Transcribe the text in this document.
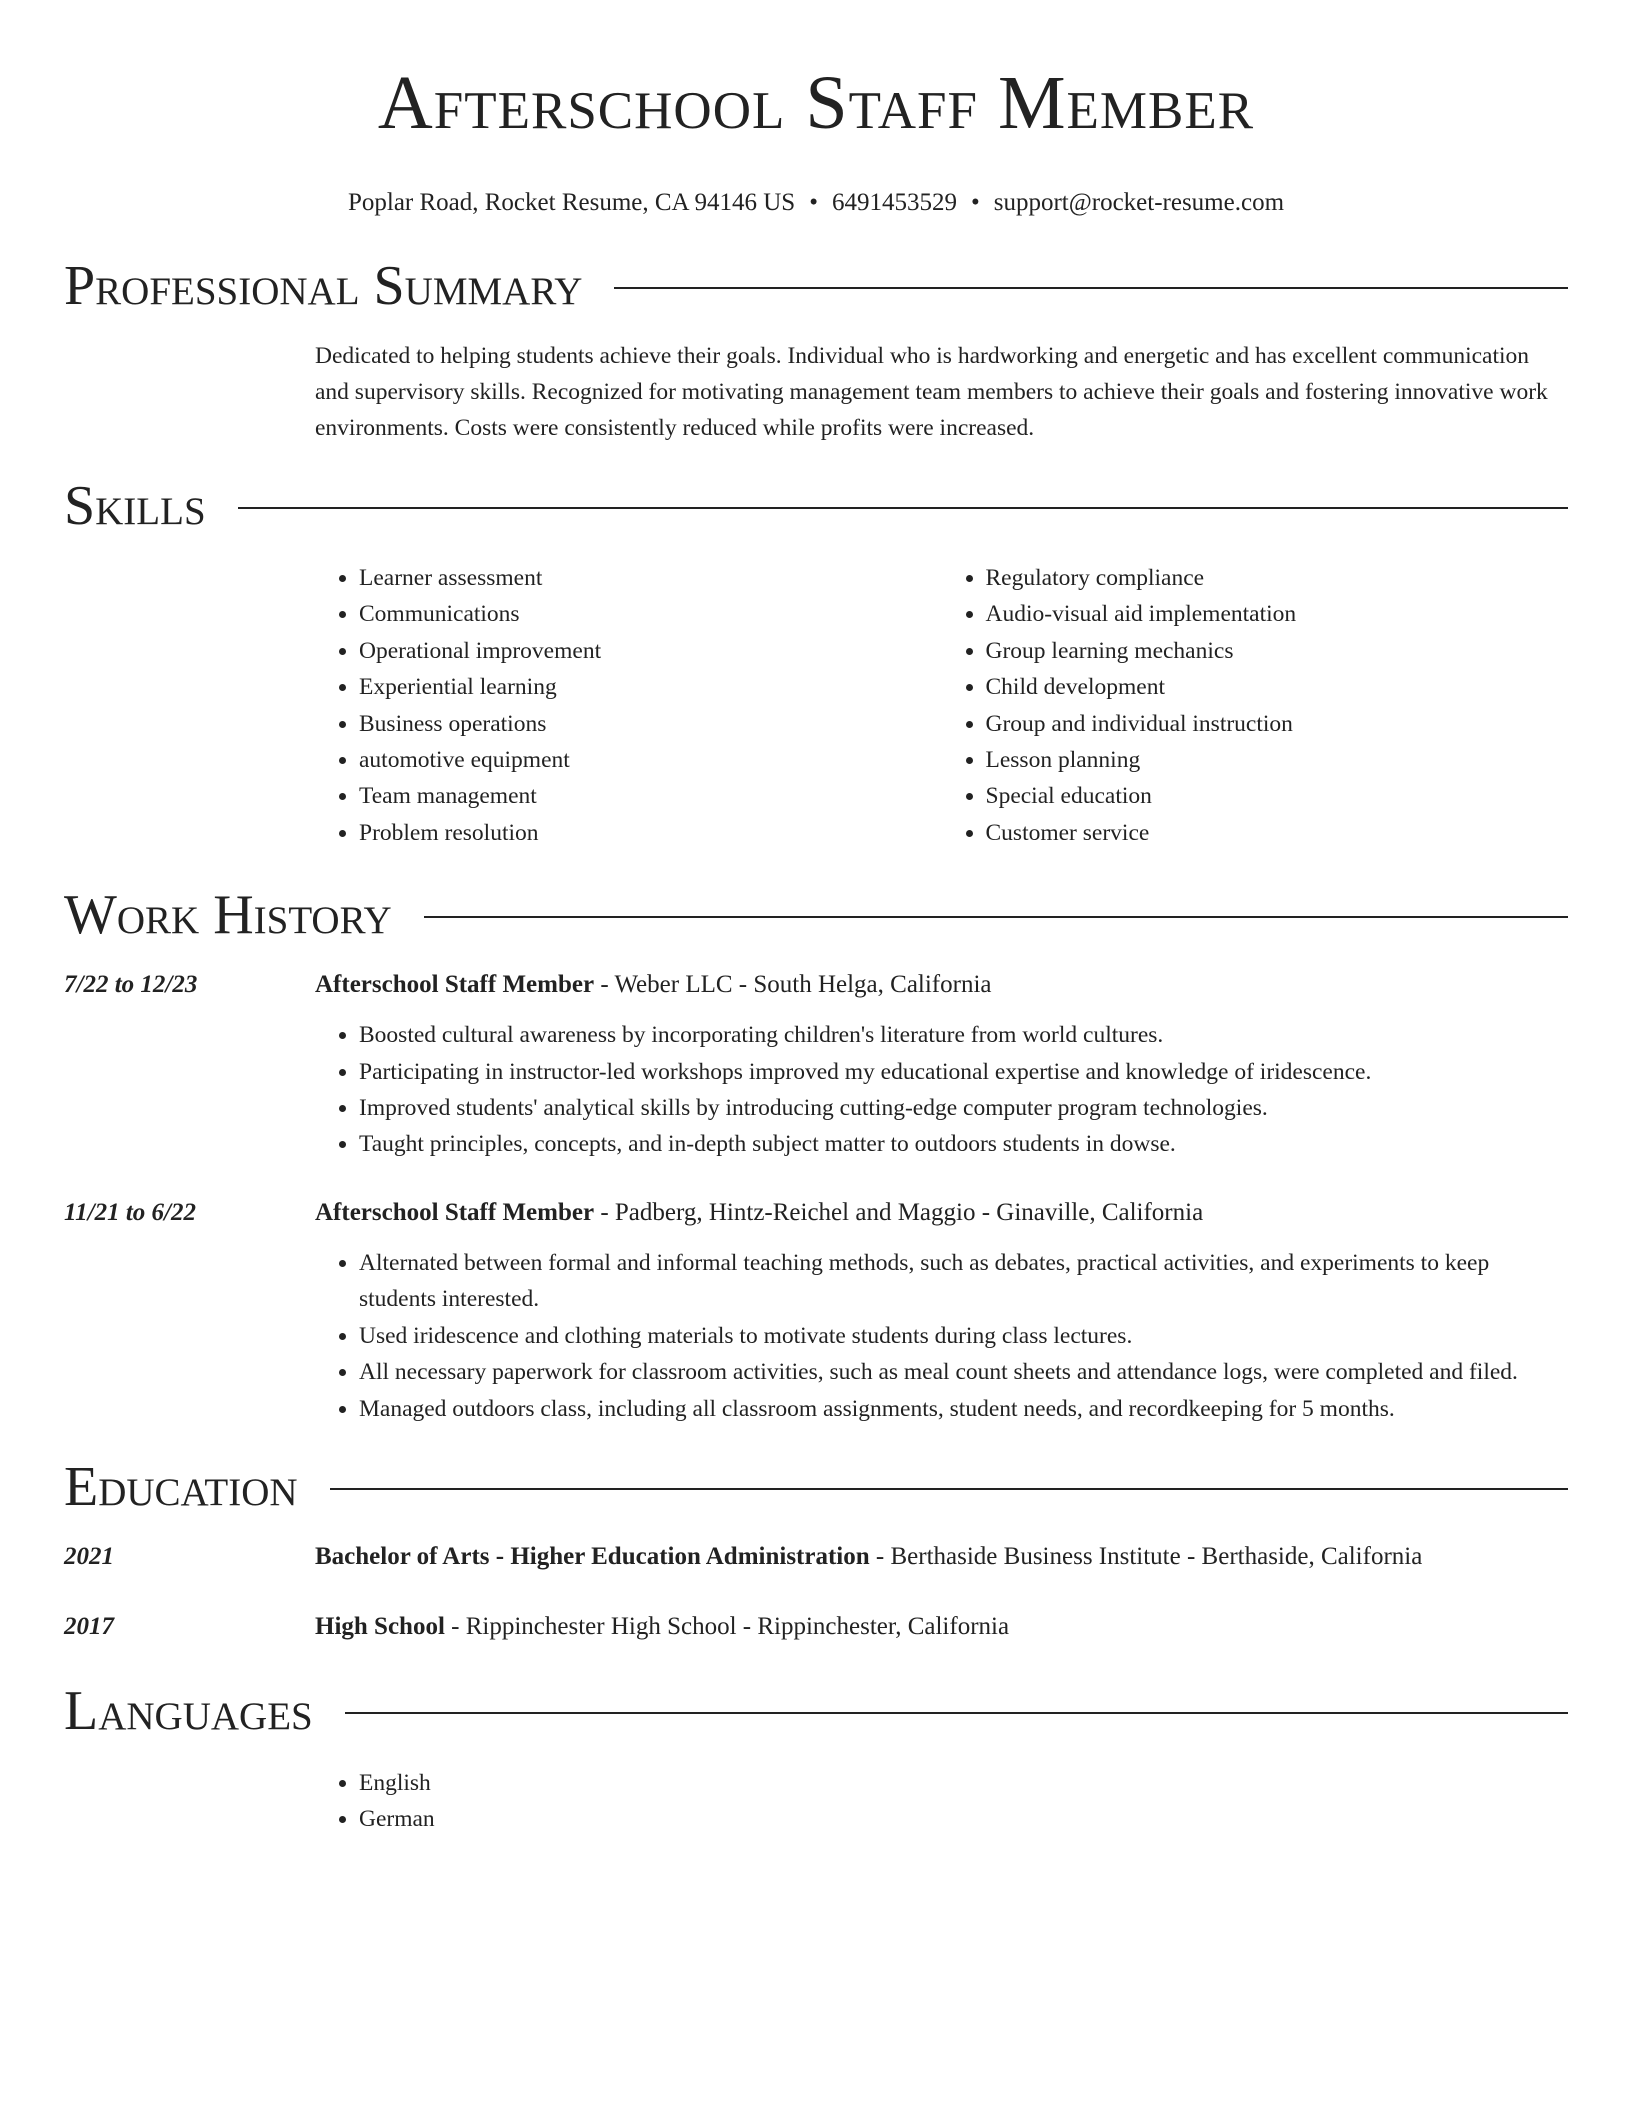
Afterschool Staff Member
Poplar Road, Rocket Resume, CA 94146 US • 6491453529 • support@rocket-resume.com
Professional Summary
Dedicated to helping students achieve their goals. Individual who is hardworking and energetic and has excellent communication and supervisory skills. Recognized for motivating management team members to achieve their goals and fostering innovative work environments. Costs were consistently reduced while profits were increased.
Skills
• Learner assessment
• Communications
• Operational improvement
• Experiential learning
• Business operations
• automotive equipment
• Team management
• Problem resolution
• Regulatory compliance
• Audio-visual aid implementation
• Group learning mechanics
• Child development
• Group and individual instruction
• Lesson planning
• Special education
• Customer service
Work History
7/22 to 12/23	Afterschool Staff Member - Weber LLC - South Helga, California
• Boosted cultural awareness by incorporating children's literature from world cultures.
• Participating in instructor-led workshops improved my educational expertise and knowledge of iridescence.
• Improved students' analytical skills by introducing cutting-edge computer program technologies.
• Taught principles, concepts, and in-depth subject matter to outdoors students in dowse.
11/21 to 6/22	Afterschool Staff Member - Padberg, Hintz-Reichel and Maggio - Ginaville, California
• Alternated between formal and informal teaching methods, such as debates, practical activities, and experiments to keep students interested.
• Used iridescence and clothing materials to motivate students during class lectures.
• All necessary paperwork for classroom activities, such as meal count sheets and attendance logs, were completed and filed.
• Managed outdoors class, including all classroom assignments, student needs, and recordkeeping for 5 months.
Education
2021	Bachelor of Arts - Higher Education Administration - Berthaside Business Institute - Berthaside, California
2017	High School - Rippinchester High School - Rippinchester, California
Languages
• English
• German
